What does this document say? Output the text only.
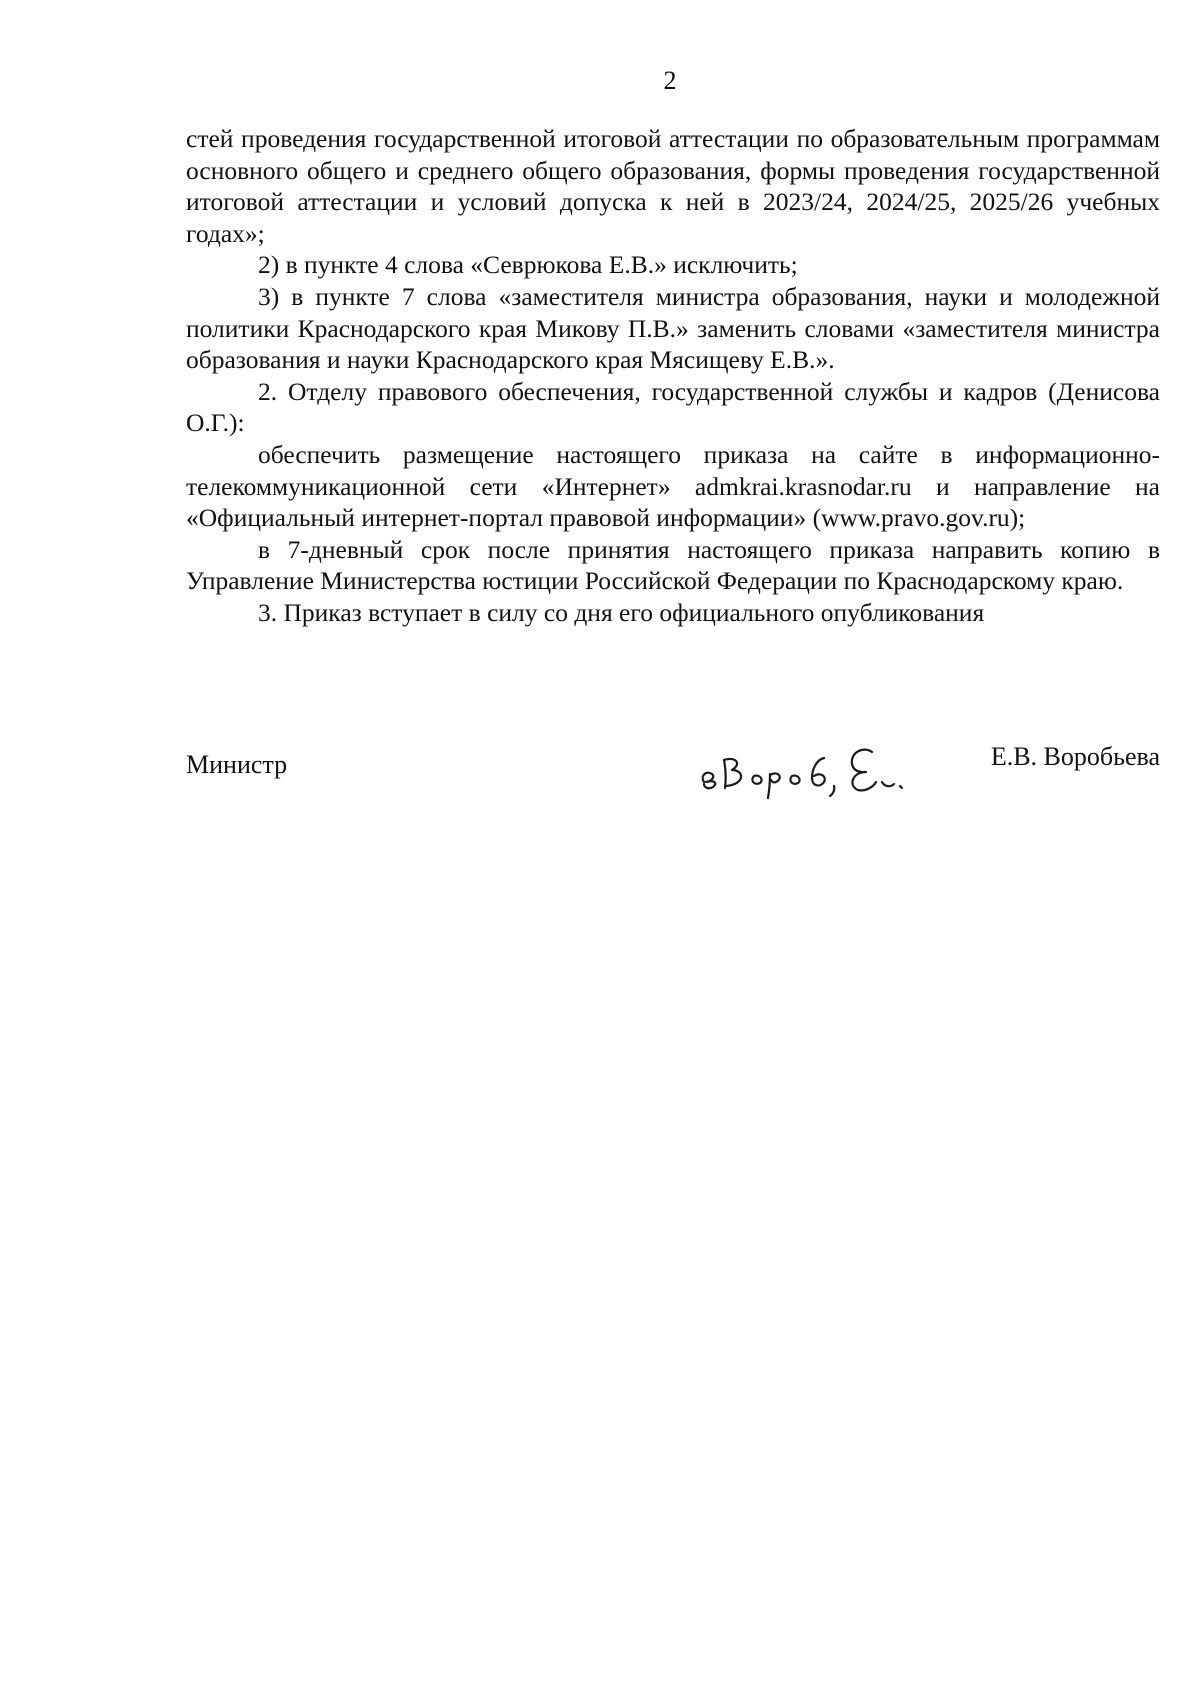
2

стей проведения государственной итоговой аттестации по образовательным программам основного общего и среднего общего образования, формы проведения государственной итоговой аттестации и условий допуска к ней в 2023/24, 2024/25, 2025/26 учебных годах»;

2) в пункте 4 слова «Севрюкова Е.В.» исключить;

3) в пункте 7 слова «заместителя министра образования, науки и молодежной политики Краснодарского края Микову П.В.» заменить словами «заместителя министра образования и науки Краснодарского края Мясищеву Е.В.».

2. Отделу правового обеспечения, государственной службы и кадров (Денисова О.Г.):

обеспечить размещение настоящего приказа на сайте в информационно-телекоммуникационной сети «Интернет» admkrai.krasnodar.ru и направление на «Официальный интернет-портал правовой информации» (www.pravo.gov.ru);

в 7-дневный срок после принятия настоящего приказа направить копию в Управление Министерства юстиции Российской Федерации по Краснодарскому краю.

3. Приказ вступает в силу со дня его официального опубликования

Министр	Е.В. Воробьева
